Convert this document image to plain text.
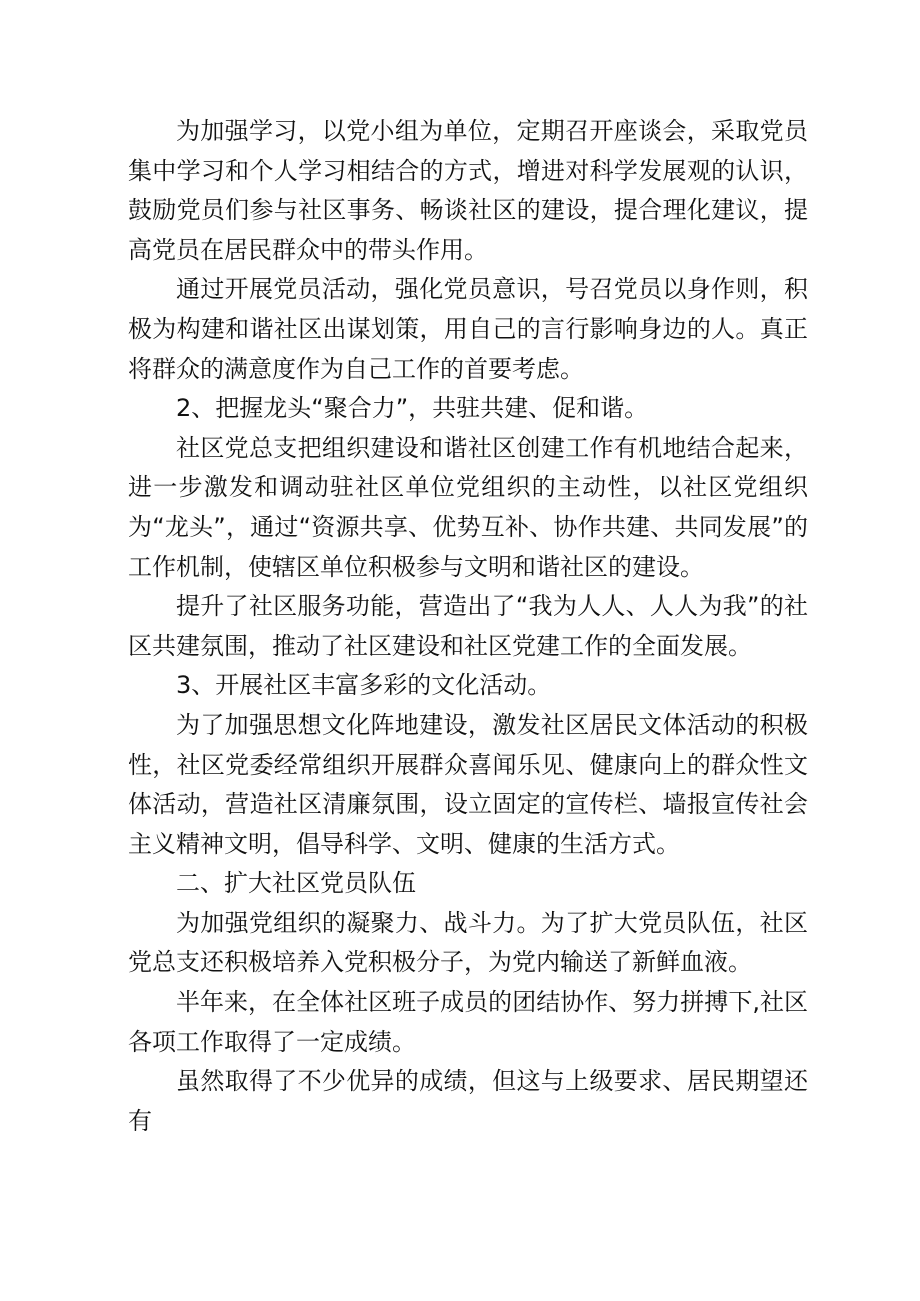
为加强学习，以党小组为单位，定期召开座谈会，采取党员集中学习和个人学习相结合的方式，增进对科学发展观的认识，鼓励党员们参与社区事务、畅谈社区的建设，提合理化建议，提高党员在居民群众中的带头作用。

通过开展党员活动，强化党员意识，号召党员以身作则，积极为构建和谐社区出谋划策，用自己的言行影响身边的人。真正将群众的满意度作为自己工作的首要考虑。

2、把握龙头“聚合力”，共驻共建、促和谐。

社区党总支把组织建设和谐社区创建工作有机地结合起来，进一步激发和调动驻社区单位党组织的主动性，以社区党组织为“龙头”，通过“资源共享、优势互补、协作共建、共同发展”的工作机制，使辖区单位积极参与文明和谐社区的建设。

提升了社区服务功能，营造出了“我为人人、人人为我”的社区共建氛围，推动了社区建设和社区党建工作的全面发展。

3、开展社区丰富多彩的文化活动。

为了加强思想文化阵地建设，激发社区居民文体活动的积极性，社区党委经常组织开展群众喜闻乐见、健康向上的群众性文体活动，营造社区清廉氛围，设立固定的宣传栏、墙报宣传社会主义精神文明，倡导科学、文明、健康的生活方式。

二、扩大社区党员队伍

为加强党组织的凝聚力、战斗力。为了扩大党员队伍，社区党总支还积极培养入党积极分子，为党内输送了新鲜血液。

半年来，在全体社区班子成员的团结协作、努力拼搏下,社区各项工作取得了一定成绩。

虽然取得了不少优异的成绩，但这与上级要求、居民期望还有
